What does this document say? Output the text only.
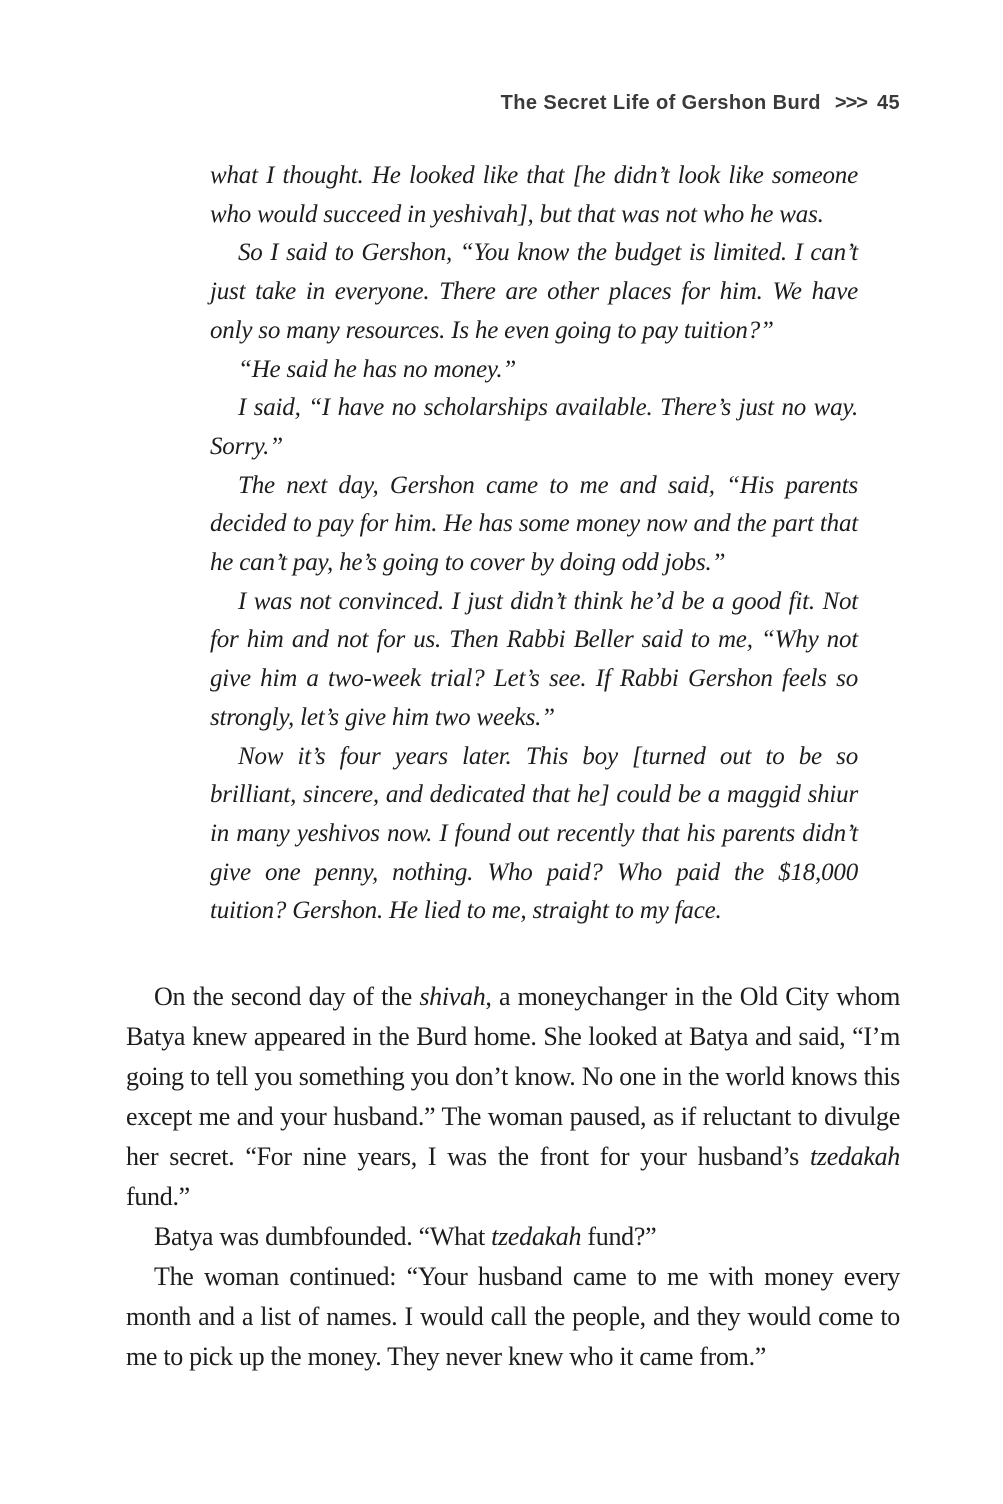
The Secret Life of Gershon Burd >>> 45

what I thought. He looked like that [he didn’t look like someone who would succeed in yeshivah], but that was not who he was.

So I said to Gershon, “You know the budget is limited. I can’t just take in everyone. There are other places for him. We have only so many resources. Is he even going to pay tuition?”

“He said he has no money.”

I said, “I have no scholarships available. There’s just no way. Sorry.”

The next day, Gershon came to me and said, “His parents decided to pay for him. He has some money now and the part that he can’t pay, he’s going to cover by doing odd jobs.”

I was not convinced. I just didn’t think he’d be a good fit. Not for him and not for us. Then Rabbi Beller said to me, “Why not give him a two-week trial? Let’s see. If Rabbi Gershon feels so strongly, let’s give him two weeks.”

Now it’s four years later. This boy [turned out to be so brilliant, sincere, and dedicated that he] could be a maggid shiur in many yeshivos now. I found out recently that his parents didn’t give one penny, nothing. Who paid? Who paid the $18,000 tuition? Gershon. He lied to me, straight to my face.

On the second day of the shivah, a moneychanger in the Old City whom Batya knew appeared in the Burd home. She looked at Batya and said, “I’m going to tell you something you don’t know. No one in the world knows this except me and your husband.” The woman paused, as if reluctant to divulge her secret. “For nine years, I was the front for your husband’s tzedakah fund.”

Batya was dumbfounded. “What tzedakah fund?”

The woman continued: “Your husband came to me with money every month and a list of names. I would call the people, and they would come to me to pick up the money. They never knew who it came from.”
